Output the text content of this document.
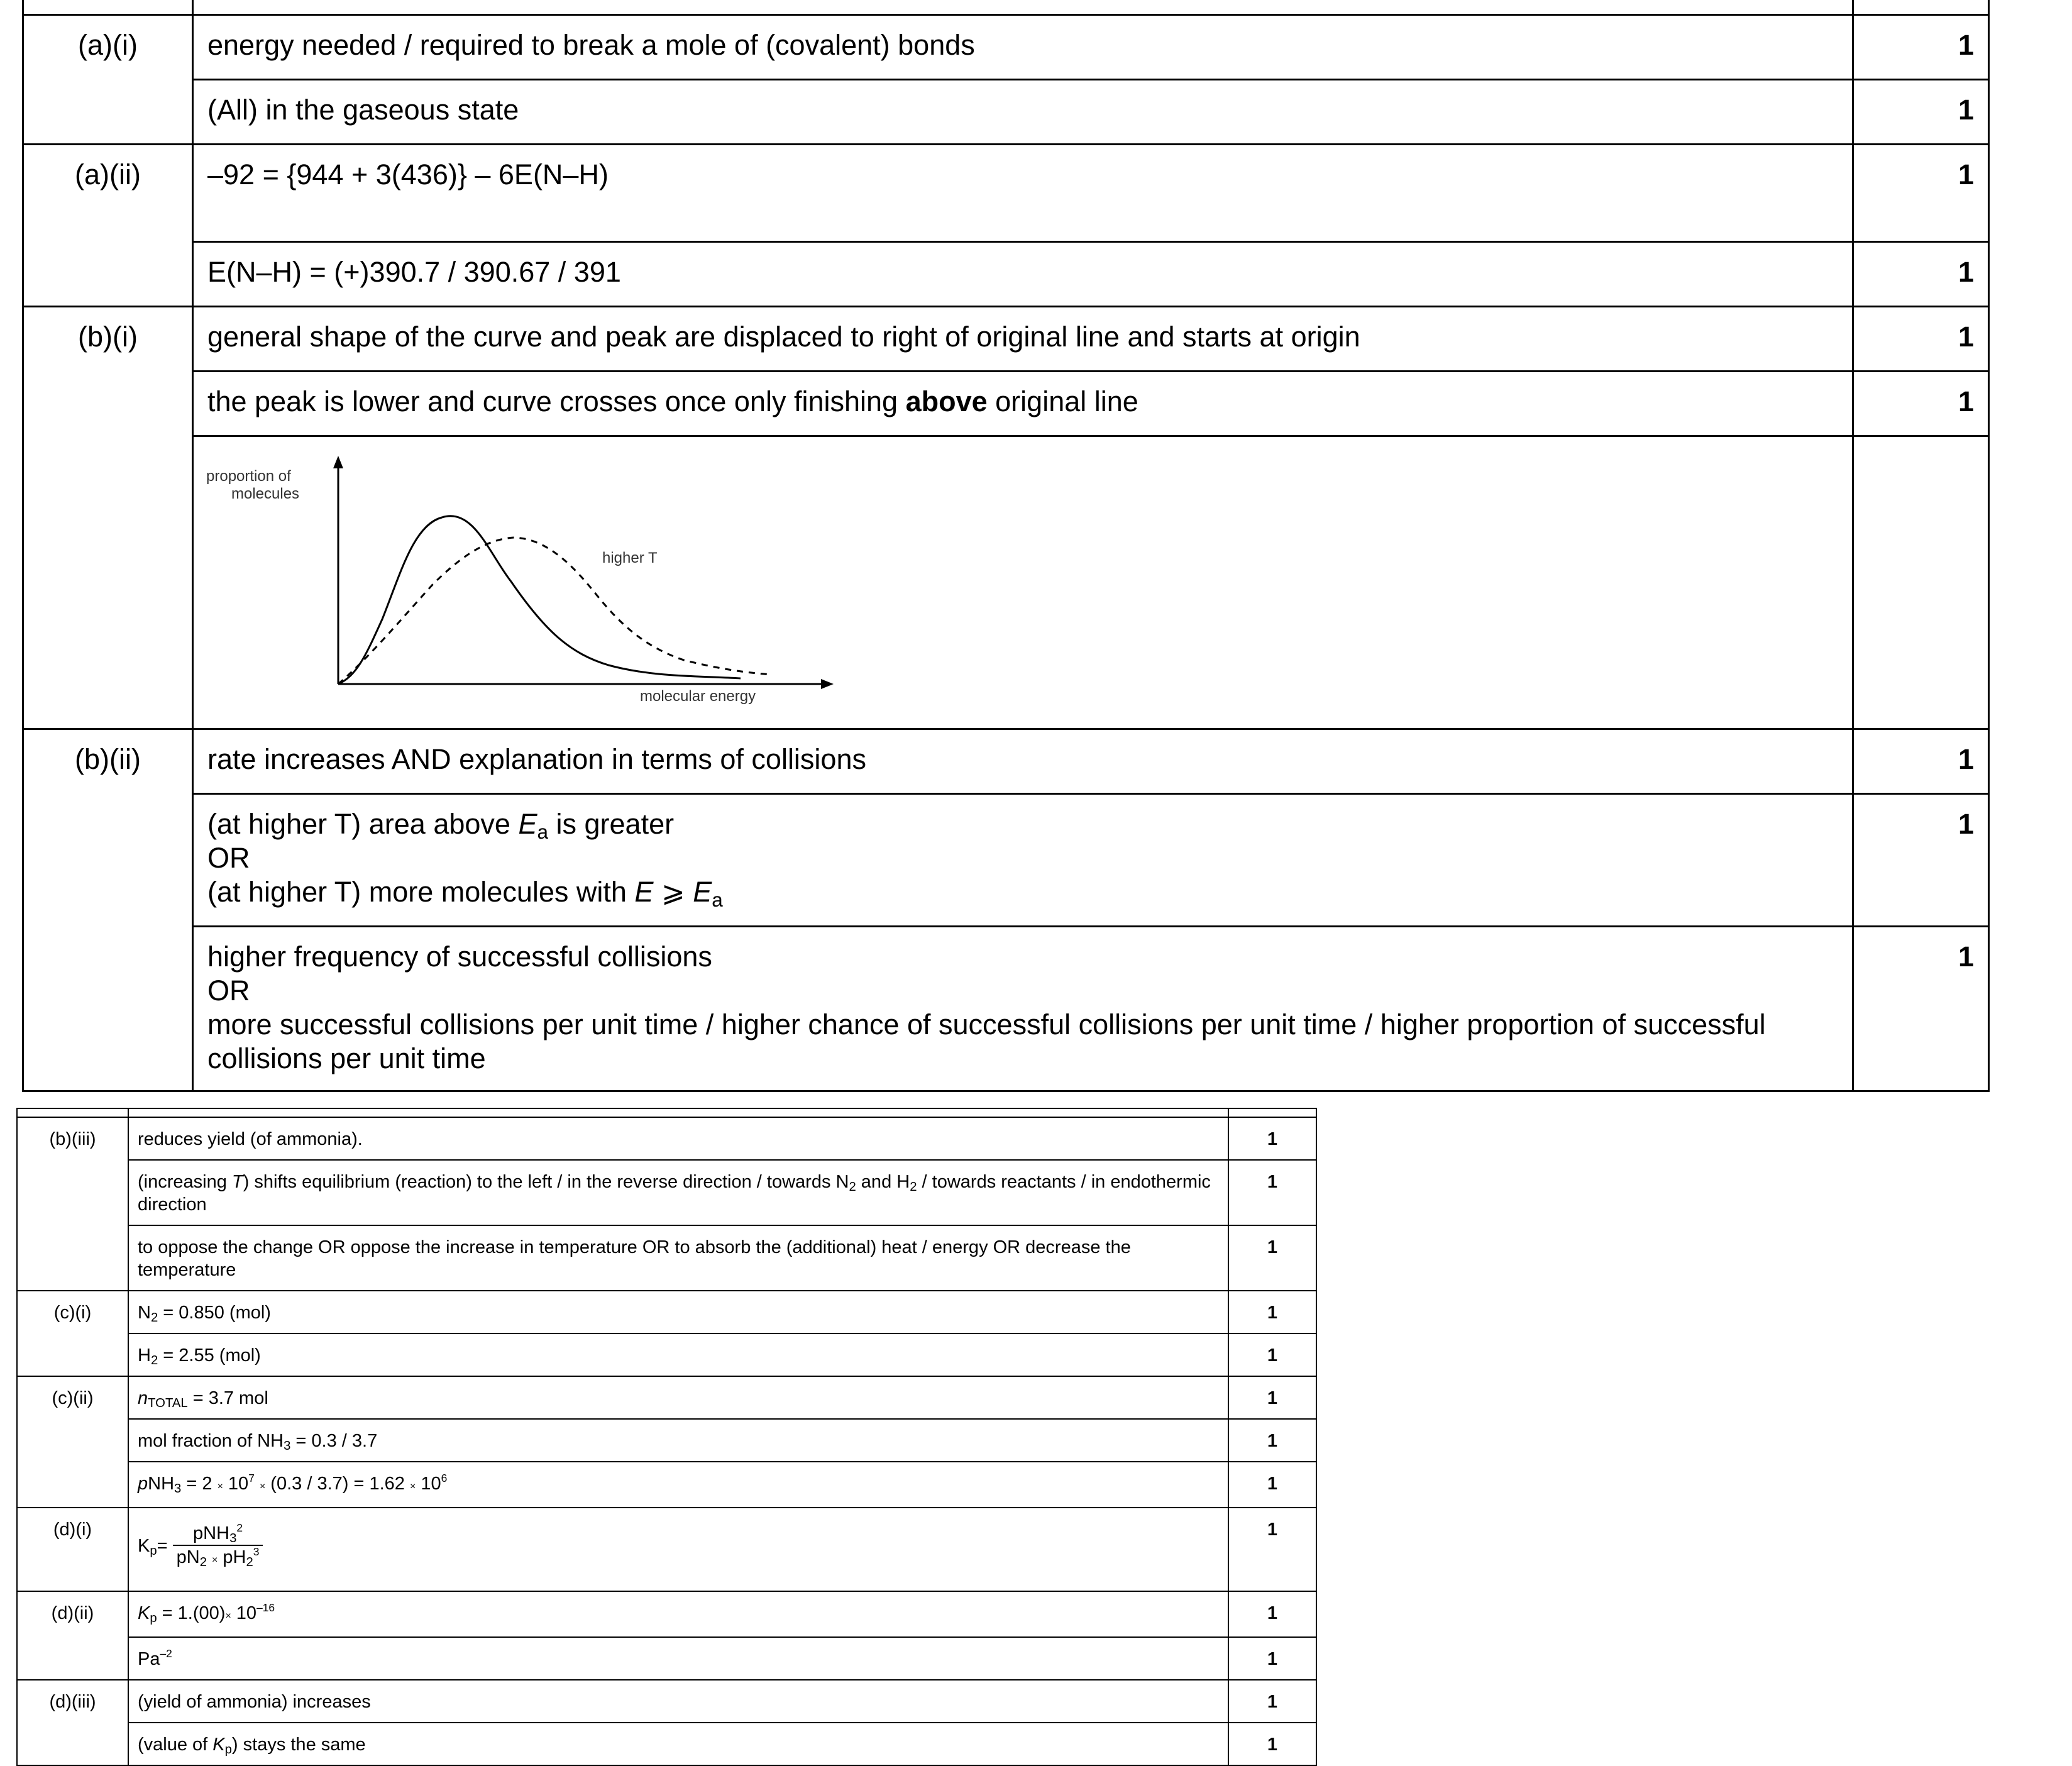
(a)(i)	energy needed / required to break a mole of (covalent) bonds	1
	(All) in the gaseous state	1
(a)(ii)	–92 = {944 + 3(436)} – 6E(N–H)	1
	E(N–H) = (+)390.7 / 390.67 / 391	1
(b)(i)	general shape of the curve and peak are displaced to right of original line and starts at origin	1
	the peak is lower and curve crosses once only finishing above original line	1

proportion of
molecules
higher T
molecular energy	

(b)(ii)	rate increases AND explanation in terms of collisions	1

	(at higher T) area above $E_a$ is greater
OR
(at higher T) more molecules with E ⩾ $E_a$	1

	higher frequency of successful collisions
OR
more successful collisions per unit time / higher chance of successful collisions per unit time / higher proportion of successful collisions per unit time	1

(b)(iii)	reduces yield (of ammonia).	1
	(increasing T) shifts equilibrium (reaction) to the left / in the reverse direction / towards $N_2$ and $H_2$ / towards reactants / in endothermic direction	1
	to oppose the change OR oppose the increase in temperature OR to absorb the (additional) heat / energy OR decrease the temperature	1
(c)(i)	$N_2 = 0.850$ (mol)	1
	$H_2 = 2.55$ (mol)	1
(c)(ii)	$n_{TOTAL} = 3.7$ mol	1
	mol fraction of $NH_3 = 0.3 / 3.7$	1
	$pNH_3 = 2 \times 10^7 \times (0.3 / 3.7) = 1.62 \times 10^6$	1
(d)(i)	$K_p= \frac{pNH_3^2}{pN_2 \times pH_2^3}$	1
(d)(ii)	$K_p = 1.(00)\times 10^{-16}$	1
	$Pa^{-2}$	1
(d)(iii)	(yield of ammonia) increases	1
	(value of $K_p$) stays the same	1
